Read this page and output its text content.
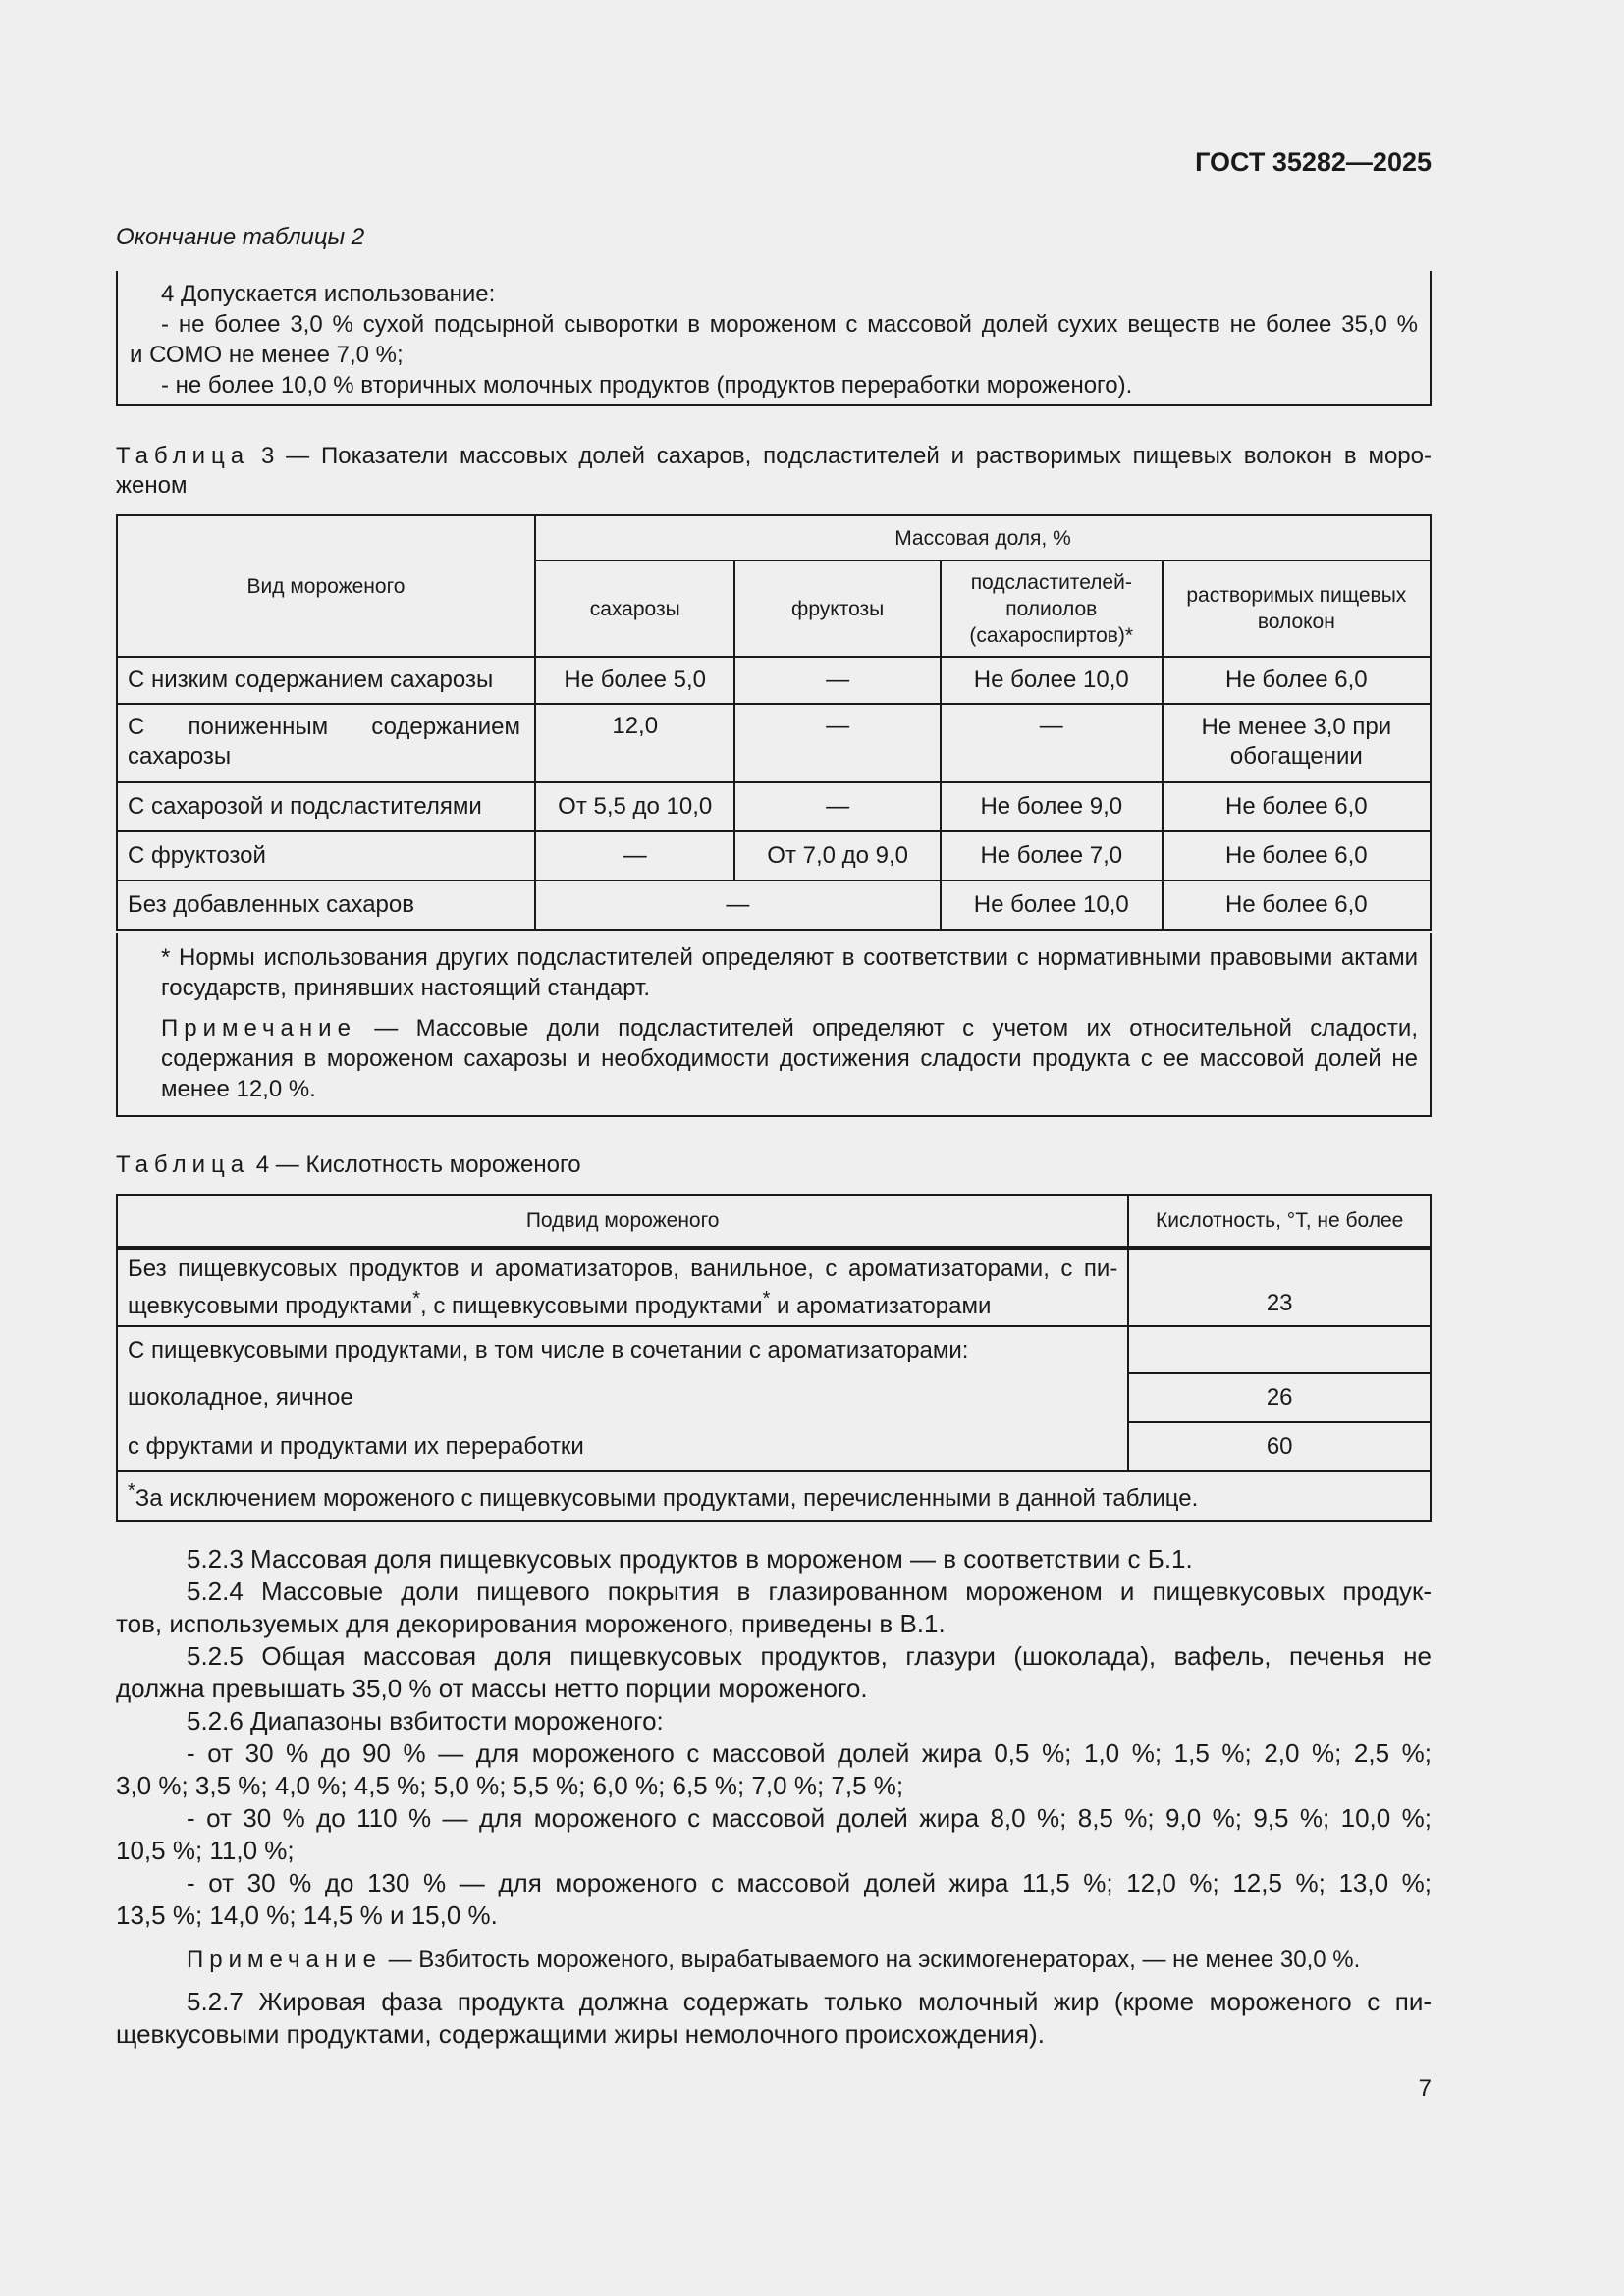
ГОСТ 35282—2025
Окончание таблицы 2

4 Допускается использование:

- не более 3,0 % сухой подсырной сыворотки в мороженом с массовой долей сухих веществ не более 35,0 %

и СОМО не менее 7,0 %;

- не более 10,0 % вторичных молочных продуктов (продуктов переработки мороженого).

Таблица 3 — Показатели массовых долей сахаров, подсластителей и растворимых пищевых волокон в моро-
женом
Вид мороженого	Массовая доля, %			
	сахарозы	фруктозы	подсластителей-полиолов (сахароспиртов)*	растворимых пищевых волокон
С низким содержанием сахарозы	Не более 5,0	—	Не более 10,0	Не более 6,0

С пониженным содержанием сахарозы	12,0	—	—	Не менее 3,0 при обогащении
С сахарозой и подсластителями	От 5,5 до 10,0	—	Не более 9,0	Не более 6,0
С фруктозой	—	От 7,0 до 9,0	Не более 7,0	Не более 6,0
Без добавленных сахаров	—		Не более 10,0	Не более 6,0

* Нормы использования других подсластителей определяют в соответствии с нормативными правовыми актами государств, принявших настоящий стандарт.

Примечание — Массовые доли подсластителей определяют с учетом их относительной сладости, содержания в мороженом сахарозы и необходимости достижения сладости продукта с ее массовой долей не менее 12,0 %.

Таблица 4 — Кислотность мороженого
Подвид мороженого	Кислотность, °Т, не более

Без пищевкусовых продуктов и ароматизаторов, ванильное, с ароматизаторами, с пи-
щевкусовыми продуктами*, с пищевкусовыми продуктами* и ароматизаторами	23
С пищевкусовыми продуктами, в том числе в сочетании с ароматизаторами:	
шоколадное, яичное	26
с фруктами и продуктами их переработки	60
*За исключением мороженого с пищевкусовыми продуктами, перечисленными в данной таблице.	

5.2.3 Массовая доля пищевкусовых продуктов в мороженом — в соответствии с Б.1.

5.2.4 Массовые доли пищевого покрытия в глазированном мороженом и пищевкусовых продук-

тов, используемых для декорирования мороженого, приведены в В.1.

5.2.5 Общая массовая доля пищевкусовых продуктов, глазури (шоколада), вафель, печенья не

должна превышать 35,0 % от массы нетто порции мороженого.

5.2.6 Диапазоны взбитости мороженого:

- от 30 % до 90 % — для мороженого с массовой долей жира 0,5 %; 1,0 %; 1,5 %; 2,0 %; 2,5 %;

3,0 %; 3,5 %; 4,0 %; 4,5 %; 5,0 %; 5,5 %; 6,0 %; 6,5 %; 7,0 %; 7,5 %;

- от 30 % до 110 % — для мороженого с массовой долей жира 8,0 %; 8,5 %; 9,0 %; 9,5 %; 10,0 %;

10,5 %; 11,0 %;

- от 30 % до 130 % — для мороженого с массовой долей жира 11,5 %; 12,0 %; 12,5 %; 13,0 %;

13,5 %; 14,0 %; 14,5 % и 15,0 %.

Примечание — Взбитость мороженого, вырабатываемого на эскимогенераторах, — не менее 30,0 %.

5.2.7 Жировая фаза продукта должна содержать только молочный жир (кроме мороженого с пи-

щевкусовыми продуктами, содержащими жиры немолочного происхождения).

7
